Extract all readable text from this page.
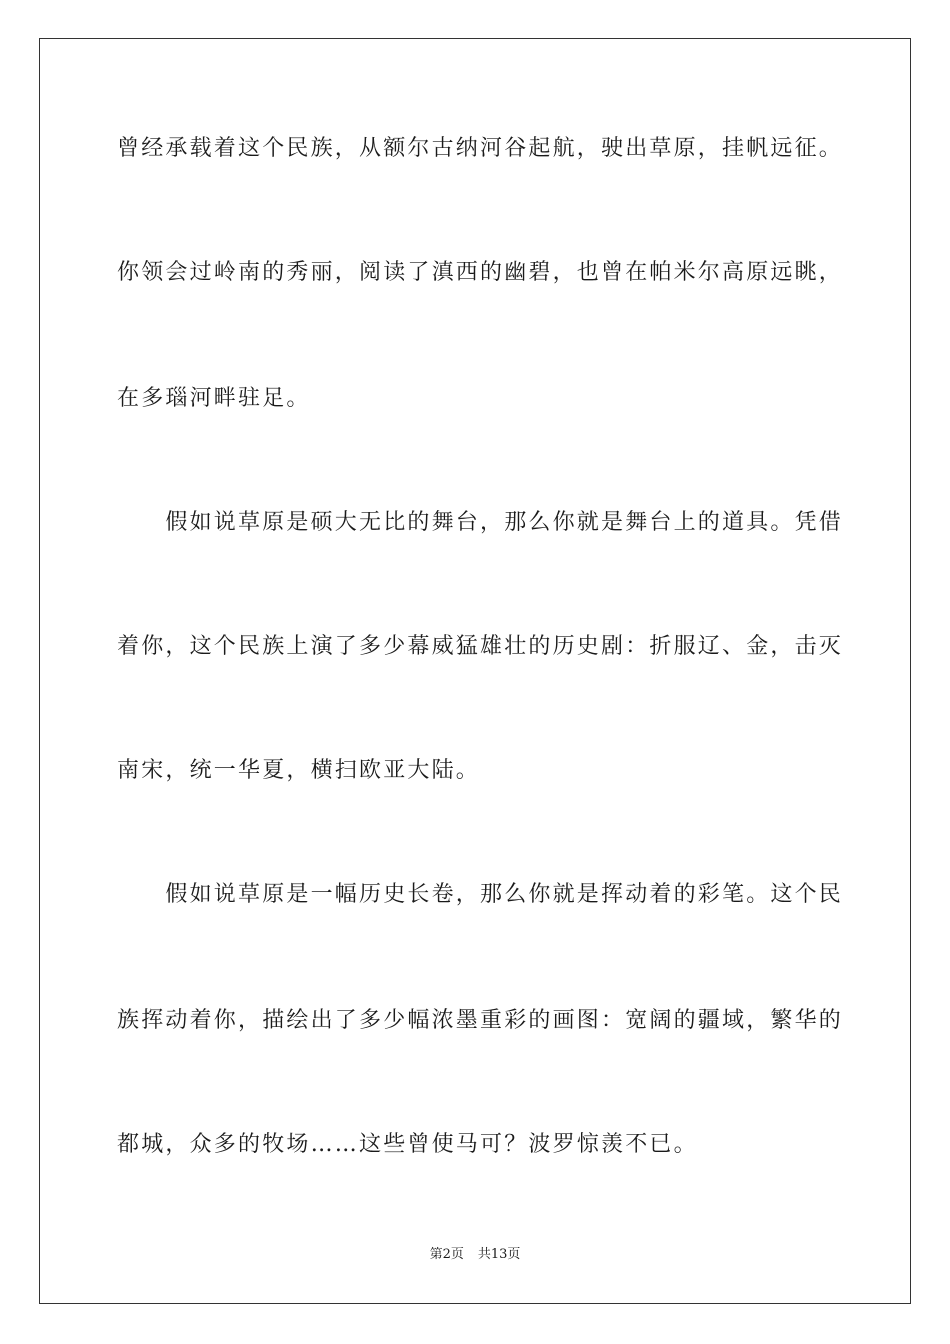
曾经承载着这个民族，从额尔古纳河谷起航，驶出草原，挂帆远征。
你领会过岭南的秀丽，阅读了滇西的幽碧，也曾在帕米尔高原远眺，
在多瑙河畔驻足。
　　假如说草原是硕大无比的舞台，那么你就是舞台上的道具。凭借
着你，这个民族上演了多少幕威猛雄壮的历史剧：折服辽、金，击灭
南宋，统一华夏，横扫欧亚大陆。
　　假如说草原是一幅历史长卷，那么你就是挥动着的彩笔。这个民
族挥动着你，描绘出了多少幅浓墨重彩的画图：宽阔的疆域，繁华的
都城，众多的牧场……这些曾使马可？波罗惊羡不已。
第2页 共13页
